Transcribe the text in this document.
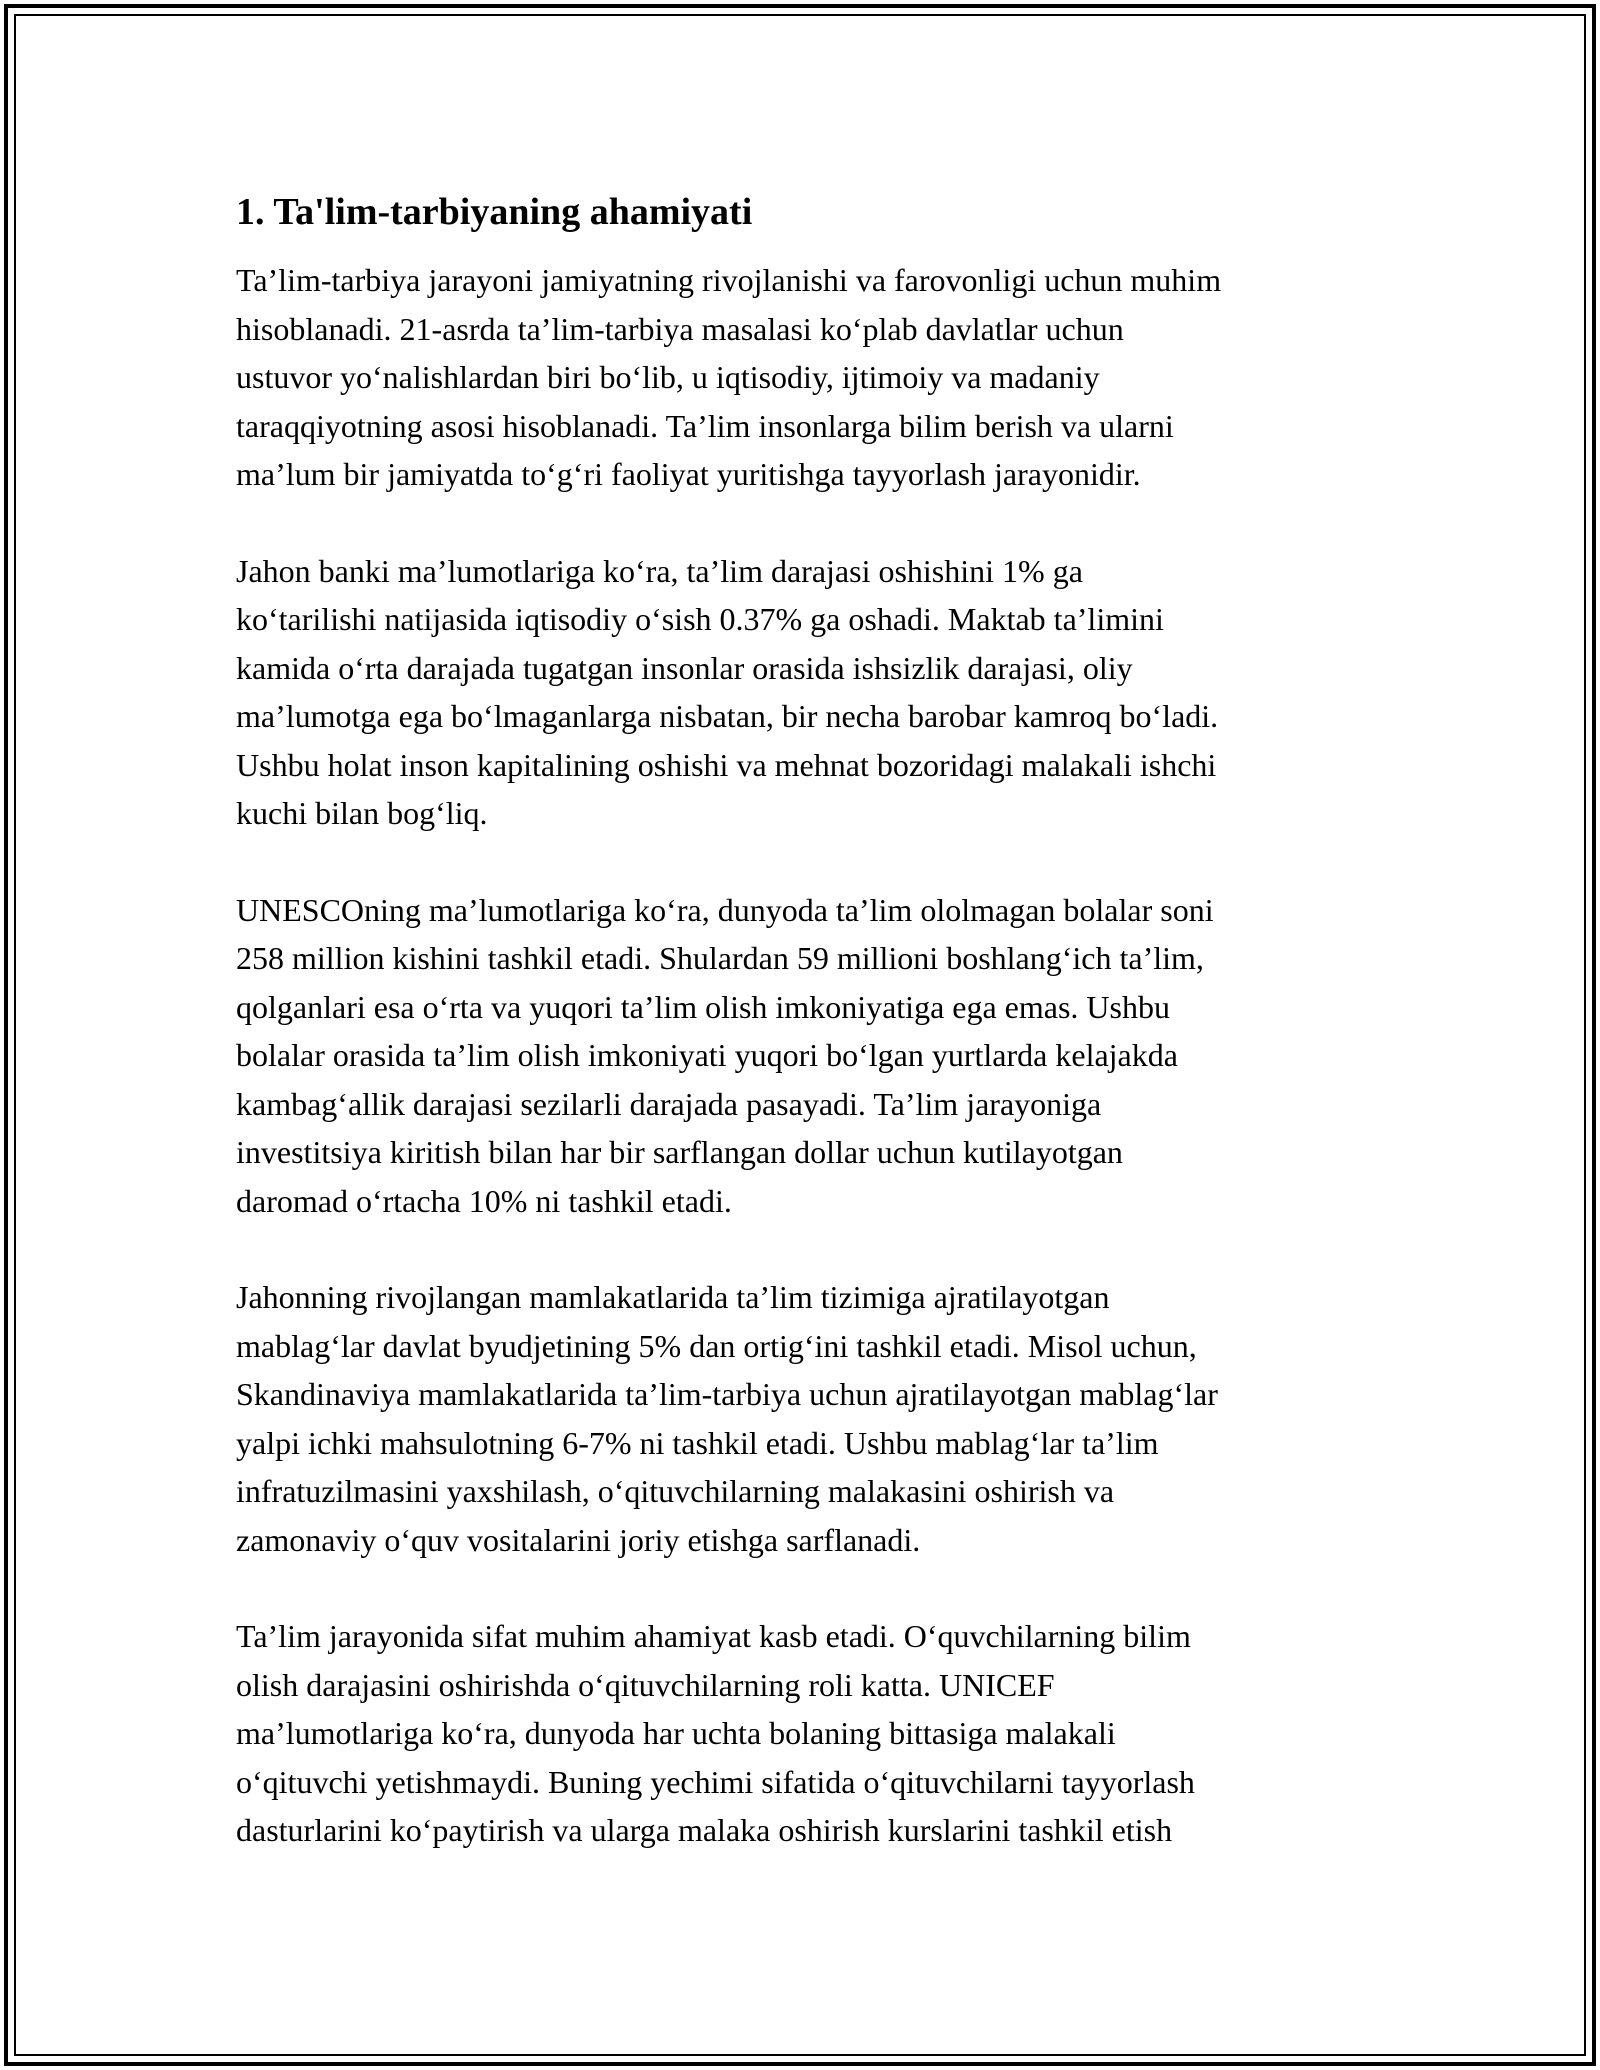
1. Ta'lim-tarbiyaning ahamiyati

Ta’lim-tarbiya jarayoni jamiyatning rivojlanishi va farovonligi uchun muhim
hisoblanadi. 21-asrda ta’lim-tarbiya masalasi ko‘plab davlatlar uchun
ustuvor yo‘nalishlardan biri bo‘lib, u iqtisodiy, ijtimoiy va madaniy
taraqqiyotning asosi hisoblanadi. Ta’lim insonlarga bilim berish va ularni
ma’lum bir jamiyatda to‘g‘ri faoliyat yuritishga tayyorlash jarayonidir.

Jahon banki ma’lumotlariga ko‘ra, ta’lim darajasi oshishini 1% ga
ko‘tarilishi natijasida iqtisodiy o‘sish 0.37% ga oshadi. Maktab ta’limini
kamida o‘rta darajada tugatgan insonlar orasida ishsizlik darajasi, oliy
ma’lumotga ega bo‘lmaganlarga nisbatan, bir necha barobar kamroq bo‘ladi.
Ushbu holat inson kapitalining oshishi va mehnat bozoridagi malakali ishchi
kuchi bilan bog‘liq.

UNESCOning ma’lumotlariga ko‘ra, dunyoda ta’lim ololmagan bolalar soni
258 million kishini tashkil etadi. Shulardan 59 millioni boshlang‘ich ta’lim,
qolganlari esa o‘rta va yuqori ta’lim olish imkoniyatiga ega emas. Ushbu
bolalar orasida ta’lim olish imkoniyati yuqori bo‘lgan yurtlarda kelajakda
kambag‘allik darajasi sezilarli darajada pasayadi. Ta’lim jarayoniga
investitsiya kiritish bilan har bir sarflangan dollar uchun kutilayotgan
daromad o‘rtacha 10% ni tashkil etadi.

Jahonning rivojlangan mamlakatlarida ta’lim tizimiga ajratilayotgan
mablag‘lar davlat byudjetining 5% dan ortig‘ini tashkil etadi. Misol uchun,
Skandinaviya mamlakatlarida ta’lim-tarbiya uchun ajratilayotgan mablag‘lar
yalpi ichki mahsulotning 6-7% ni tashkil etadi. Ushbu mablag‘lar ta’lim
infratuzilmasini yaxshilash, o‘qituvchilarning malakasini oshirish va
zamonaviy o‘quv vositalarini joriy etishga sarflanadi.

Ta’lim jarayonida sifat muhim ahamiyat kasb etadi. O‘quvchilarning bilim
olish darajasini oshirishda o‘qituvchilarning roli katta. UNICEF
ma’lumotlariga ko‘ra, dunyoda har uchta bolaning bittasiga malakali
o‘qituvchi yetishmaydi. Buning yechimi sifatida o‘qituvchilarni tayyorlash
dasturlarini ko‘paytirish va ularga malaka oshirish kurslarini tashkil etish
